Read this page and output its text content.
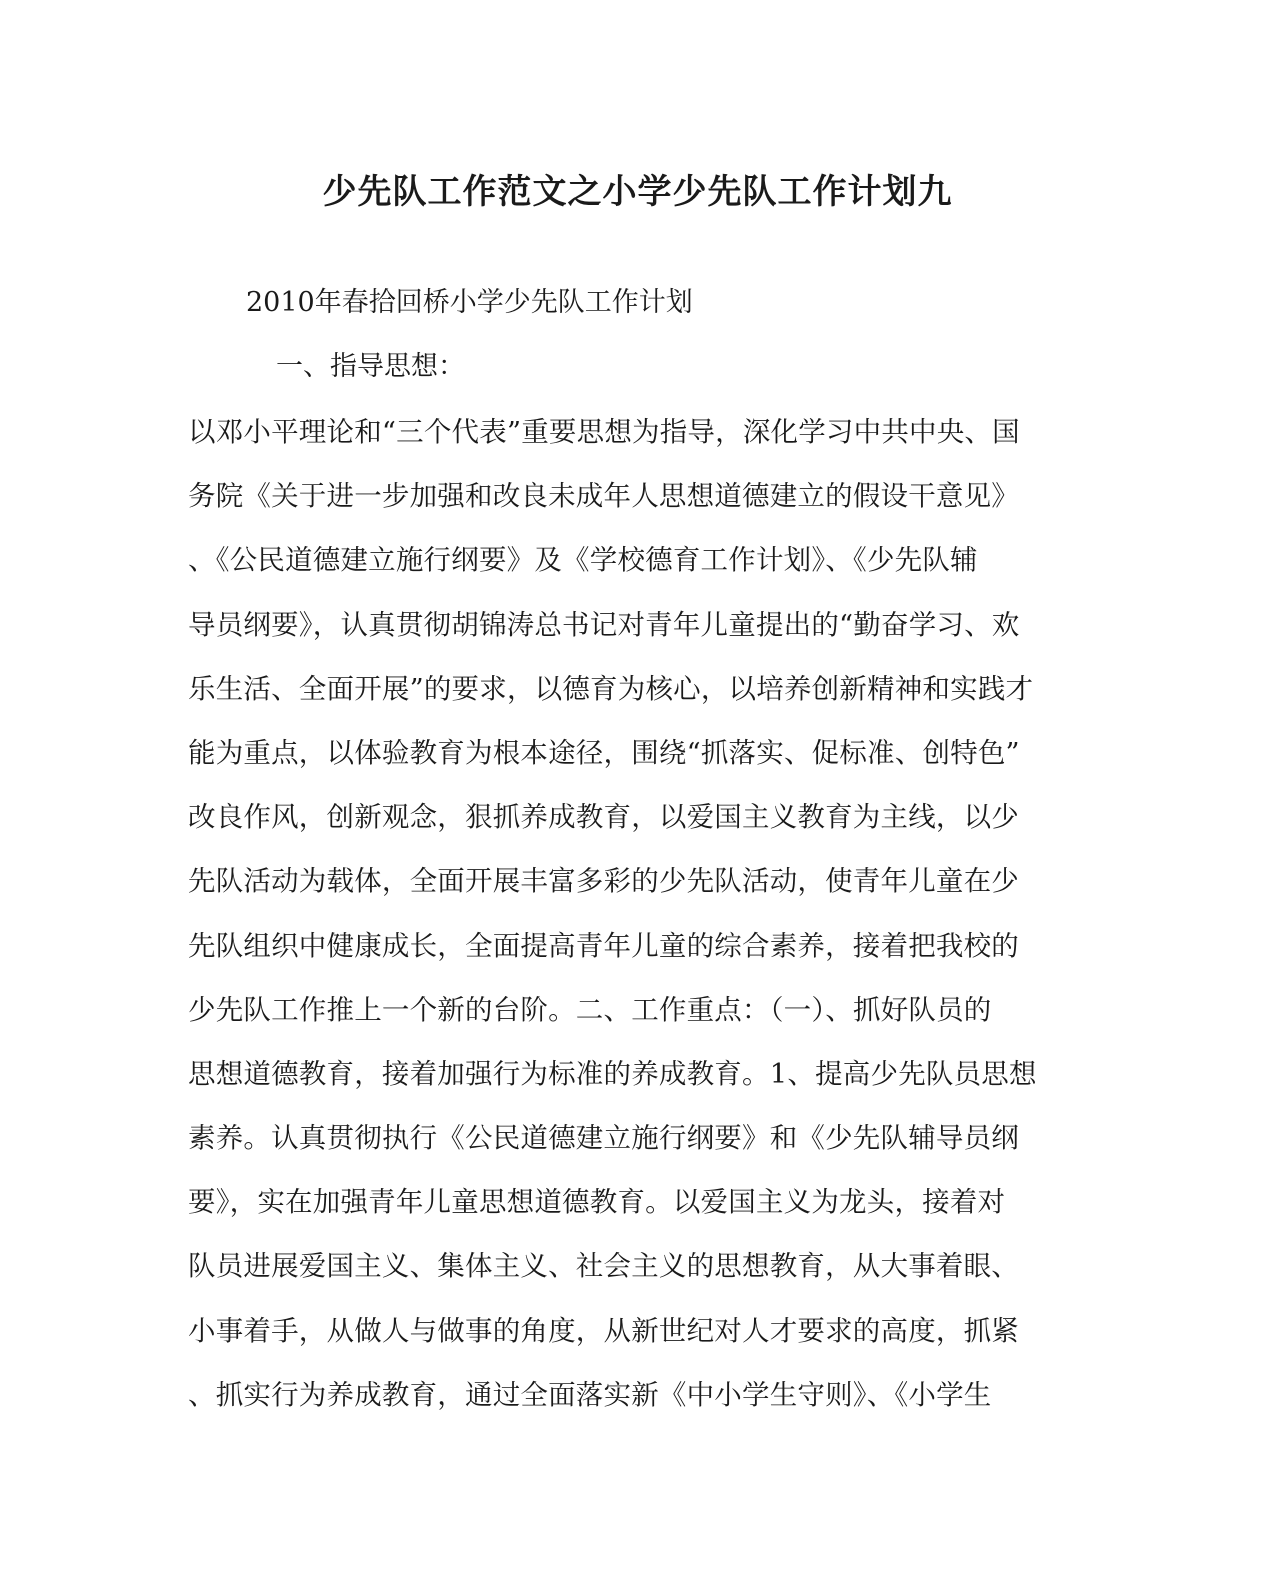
少先队工作范文之小学少先队工作计划九

2010年春拾回桥小学少先队工作计划

一、指导思想：

以邓小平理论和“三个代表”重要思想为指导，深化学习中共中央、国
务院《关于进一步加强和改良未成年人思想道德建立的假设干意见》
、《公民道德建立施行纲要》及《学校德育工作计划》、《少先队辅
导员纲要》，认真贯彻胡锦涛总书记对青年儿童提出的“勤奋学习、欢
乐生活、全面开展”的要求，以德育为核心，以培养创新精神和实践才
能为重点，以体验教育为根本途径，围绕“抓落实、促标准、创特色”
改良作风，创新观念，狠抓养成教育，以爱国主义教育为主线，以少
先队活动为载体，全面开展丰富多彩的少先队活动，使青年儿童在少
先队组织中健康成长，全面提高青年儿童的综合素养，接着把我校的
少先队工作推上一个新的台阶。二、工作重点：（一）、抓好队员的
思想道德教育，接着加强行为标准的养成教育。1、提高少先队员思想
素养。认真贯彻执行《公民道德建立施行纲要》和《少先队辅导员纲
要》，实在加强青年儿童思想道德教育。以爱国主义为龙头，接着对
队员进展爱国主义、集体主义、社会主义的思想教育，从大事着眼、
小事着手，从做人与做事的角度，从新世纪对人才要求的高度，抓紧
、抓实行为养成教育，通过全面落实新《中小学生守则》、《小学生
